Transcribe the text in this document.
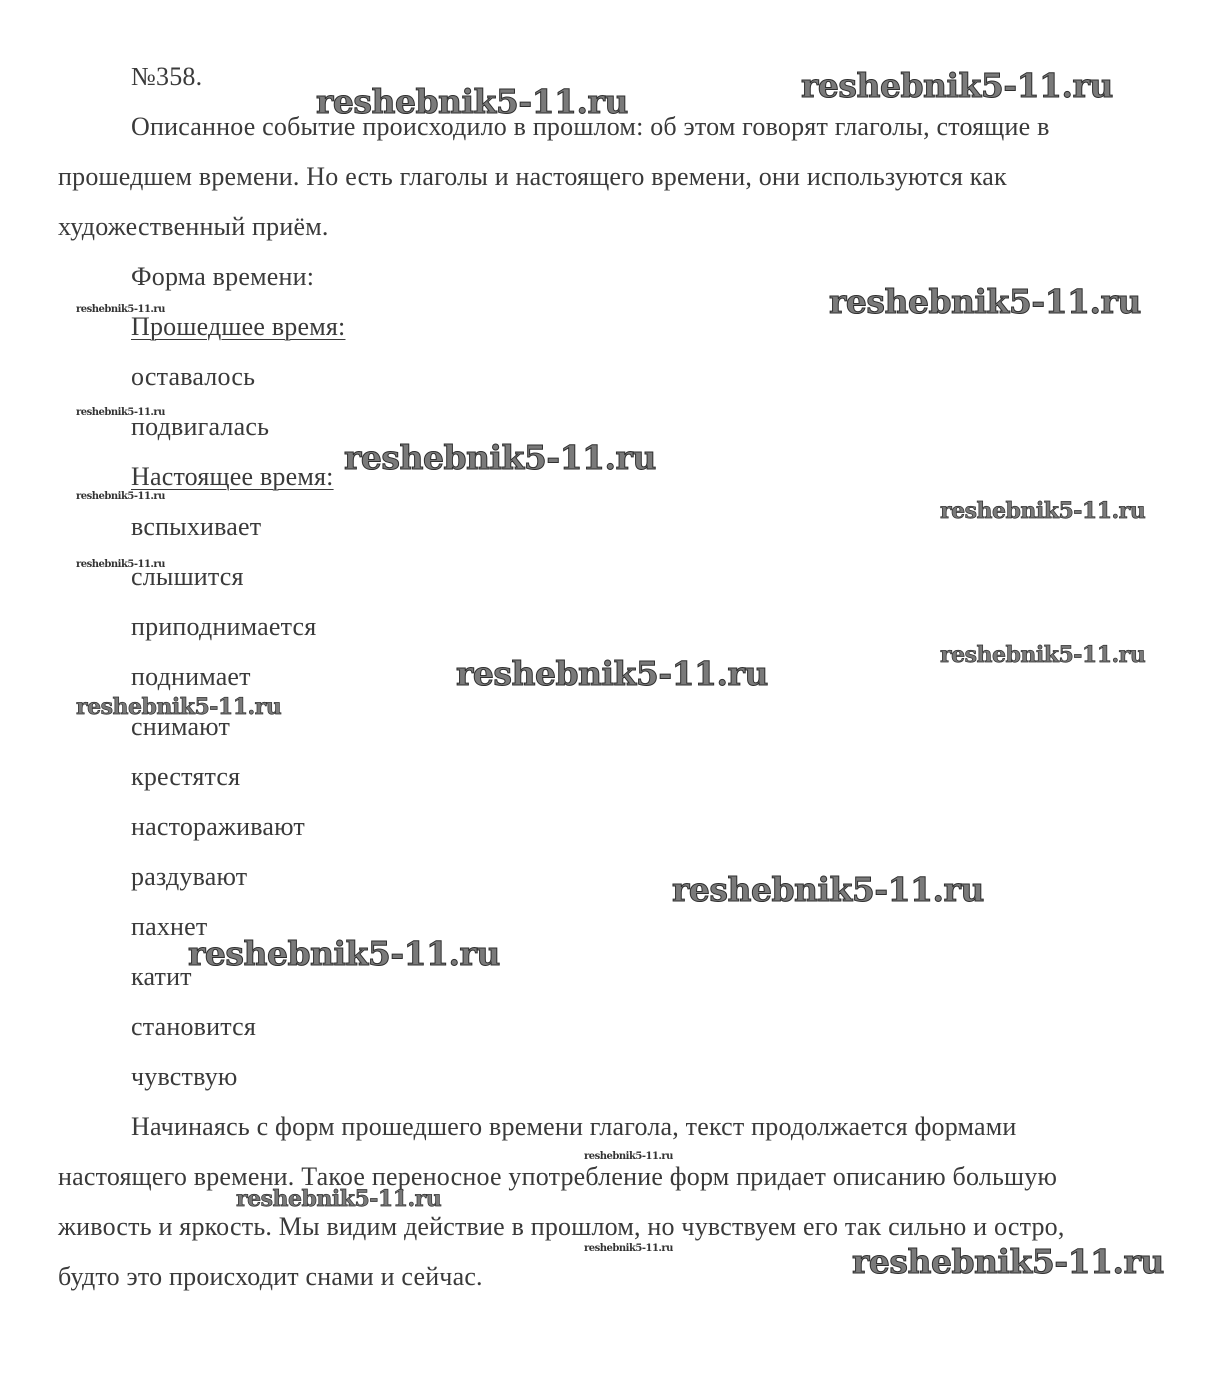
№358.
Описанное событие происходило в прошлом: об этом говорят глаголы, стоящие в
прошедшем времени. Но есть глаголы и настоящего времени, они используются как
художественный приём.
Форма времени:
Прошедшее время:
оставалось
подвигалась
Настоящее время:
вспыхивает
слышится
приподнимается
поднимает
снимают
крестятся
настораживают
раздувают
пахнет
катит
становится
чувствую
Начинаясь с форм прошедшего времени глагола, текст продолжается формами
настоящего времени. Такое переносное употребление форм придает описанию большую
живость и яркость. Мы видим действие в прошлом, но чувствуем его так сильно и остро,
будто это происходит снами и сейчас.
reshebnik5-11.ru	reshebnik5-11.ru
reshebnik5-11.ru
reshebnik5-11.ru
reshebnik5-11.ru
reshebnik5-11.ru
reshebnik5-11.ru
reshebnik5-11.ru
reshebnik5-11.ru
reshebnik5-11.ru
reshebnik5-11.ru
reshebnik5-11.ru
reshebnik5-11.ru
reshebnik5-11.ru
reshebnik5-11.ru
reshebnik5-11.ru
reshebnik5-11.ru
reshebnik5-11.ru
